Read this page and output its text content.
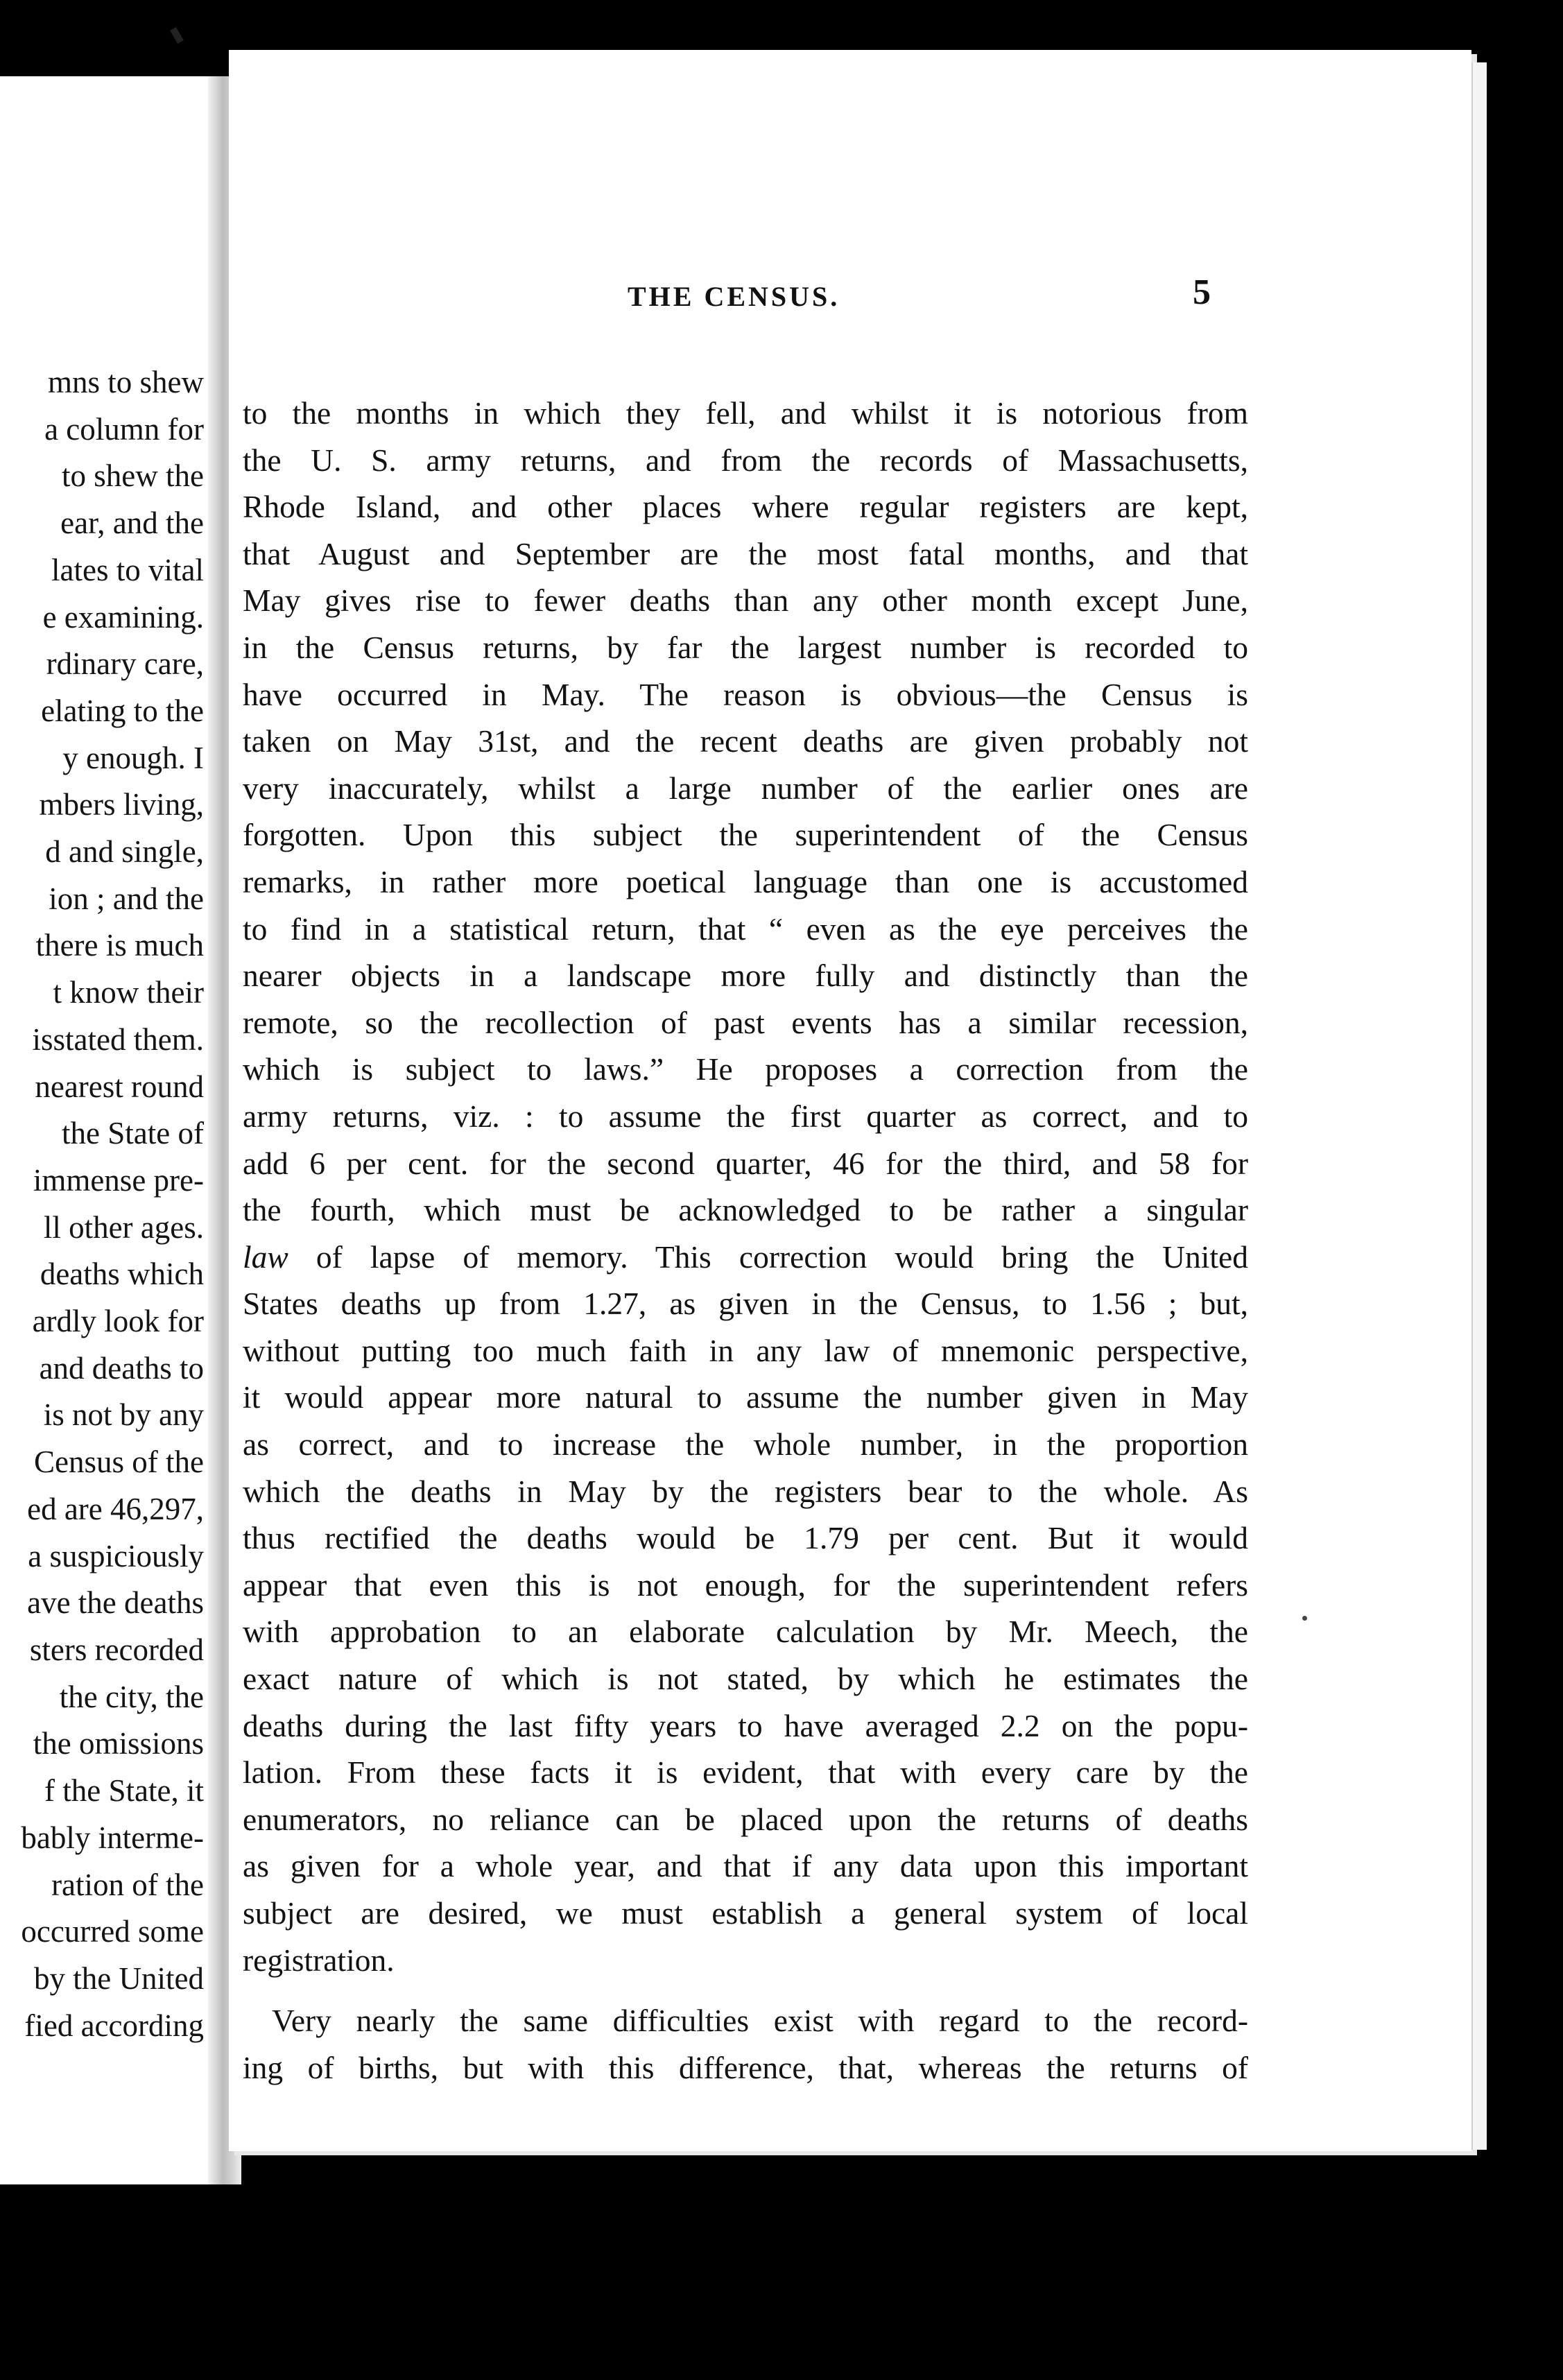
mns to shew
a column for
to shew the
ear, and the
lates to vital
e examining.
rdinary care,
elating to the
y enough. I
mbers living,
d and single,
ion ; and the
there is much
t know their
isstated them.
nearest round
the State of
immense pre-
ll other ages.
deaths which
ardly look for
and deaths to
is not by any
Census of the
ed are 46,297,
a suspiciously
ave the deaths
sters recorded
the city, the
the omissions
f the State, it
bably interme-
ration of the
occurred some
by the United
fied according
THE CENSUS.	5
to the months in which they fell, and whilst it is notorious from
the U. S. army returns, and from the records of Massachusetts,
Rhode Island, and other places where regular registers are kept,
that August and September are the most fatal months, and that
May gives rise to fewer deaths than any other month except June,
in the Census returns, by far the largest number is recorded to
have occurred in May. The reason is obvious—the Census is
taken on May 31st, and the recent deaths are given probably not
very inaccurately, whilst a large number of the earlier ones are
forgotten. Upon this subject the superintendent of the Census
remarks, in rather more poetical language than one is accustomed
to find in a statistical return, that “ even as the eye perceives the
nearer objects in a landscape more fully and distinctly than the
remote, so the recollection of past events has a similar recession,
which is subject to laws.” He proposes a correction from the
army returns, viz. : to assume the first quarter as correct, and to
add 6 per cent. for the second quarter, 46 for the third, and 58 for
the fourth, which must be acknowledged to be rather a singular
law of lapse of memory. This correction would bring the United
States deaths up from 1.27, as given in the Census, to 1.56 ; but,
without putting too much faith in any law of mnemonic perspective,
it would appear more natural to assume the number given in May
as correct, and to increase the whole number, in the proportion
which the deaths in May by the registers bear to the whole. As
thus rectified the deaths would be 1.79 per cent. But it would
appear that even this is not enough, for the superintendent refers
with approbation to an elaborate calculation by Mr. Meech, the
exact nature of which is not stated, by which he estimates the
deaths during the last fifty years to have averaged 2.2 on the popu-
lation. From these facts it is evident, that with every care by the
enumerators, no reliance can be placed upon the returns of deaths
as given for a whole year, and that if any data upon this important
subject are desired, we must establish a general system of local
registration.
Very nearly the same difficulties exist with regard to the record-
ing of births, but with this difference, that, whereas the returns of
